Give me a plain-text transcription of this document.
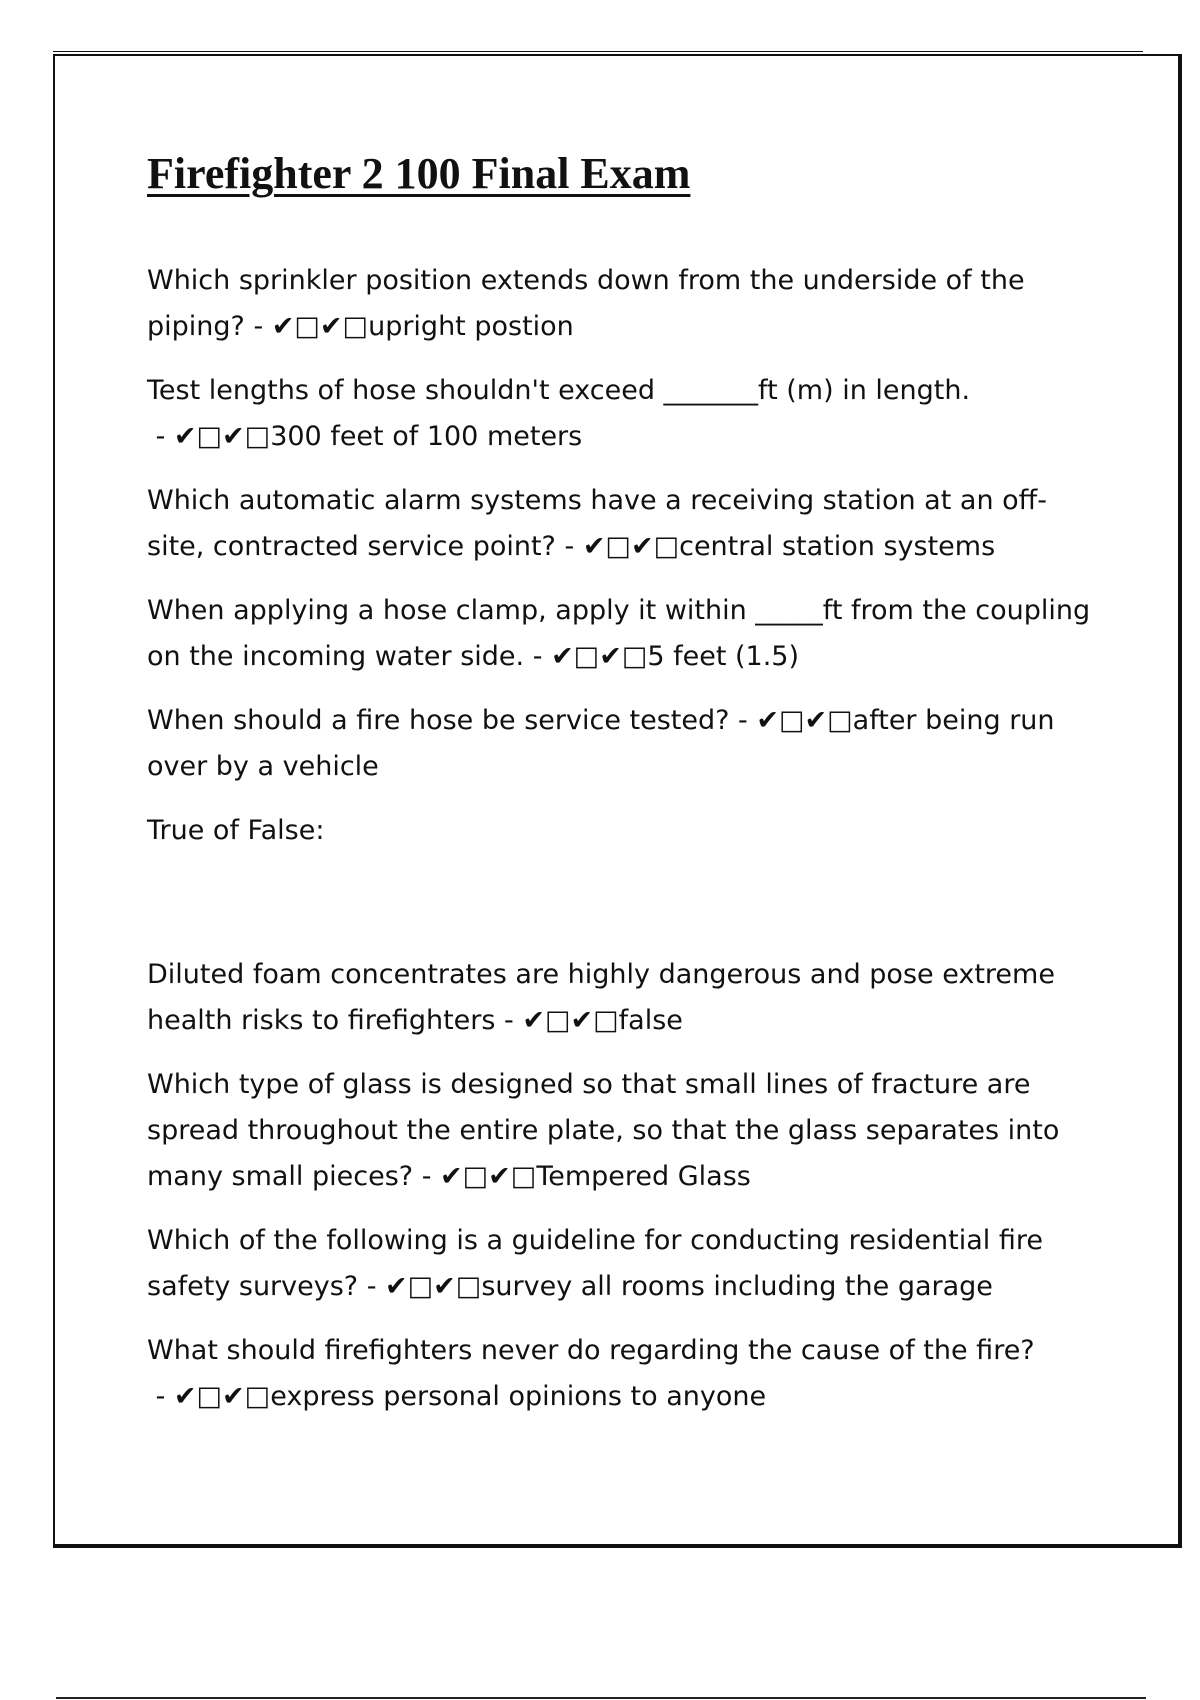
Firefighter 2 100 Final Exam

Which sprinkler position extends down from the underside of the piping? - ✔□✔□upright postion

Test lengths of hose shouldn't exceed _______ft (m) in length. - ✔□✔□300 feet of 100 meters

Which automatic alarm systems have a receiving station at an off-site, contracted service point? - ✔□✔□central station systems

When applying a hose clamp, apply it within _____ft from the coupling on the incoming water side. - ✔□✔□5 feet (1.5)

When should a fire hose be service tested? - ✔□✔□after being run over by a vehicle

True of False:

Diluted foam concentrates are highly dangerous and pose extreme health risks to firefighters - ✔□✔□false

Which type of glass is designed so that small lines of fracture are spread throughout the entire plate, so that the glass separates into many small pieces? - ✔□✔□Tempered Glass

Which of the following is a guideline for conducting residential fire safety surveys? - ✔□✔□survey all rooms including the garage

What should firefighters never do regarding the cause of the fire? - ✔□✔□express personal opinions to anyone
